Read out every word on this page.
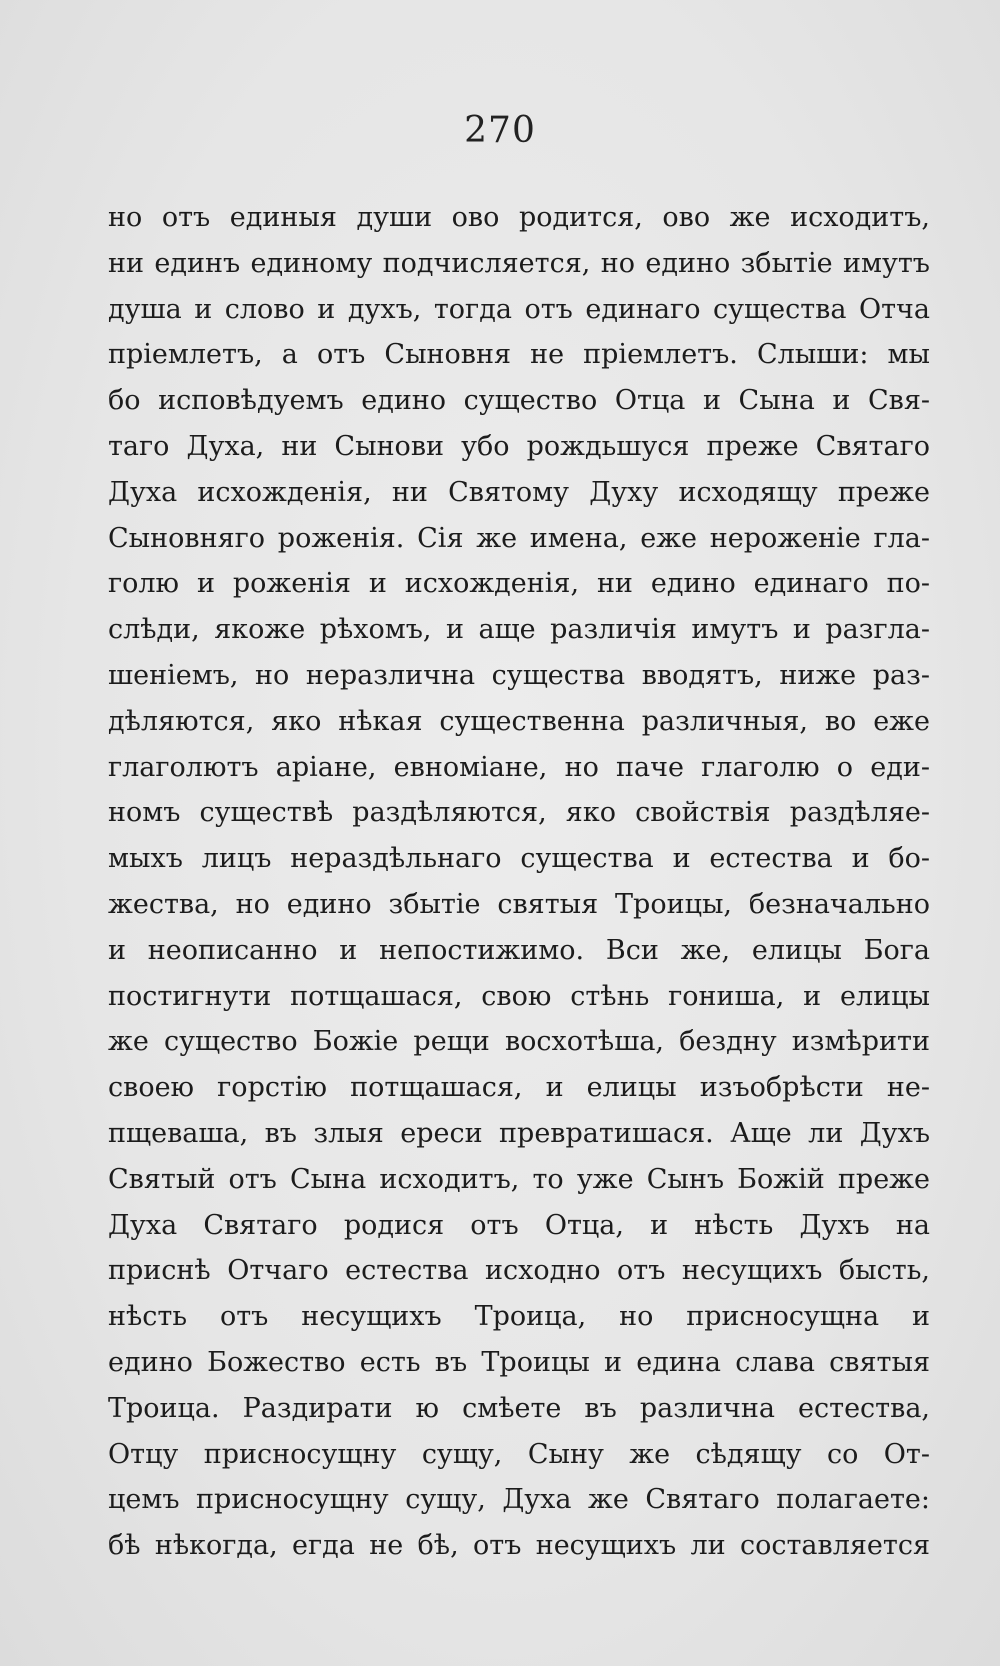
270
но отъ единыя души ово родится, ово же исходитъ,
ни единъ единому подчисляется, но едино збытіе имутъ
душа и слово и духъ, тогда отъ единаго существа Отча
пріемлетъ, а отъ Сыновня не пріемлетъ. Слыши: мы
бо исповѣдуемъ едино существо Отца и Сына и Свя-
таго Духа, ни Сынови убо рождьшуся преже Святаго
Духа исхожденія, ни Святому Духу исходящу преже
Сыновняго роженія. Сія же имена, еже нероженіе гла-
голю и роженія и исхожденія, ни едино единаго по-
слѣди, якоже рѣхомъ, и аще различія имутъ и разгла-
шеніемъ, но неразлична существа вводятъ, ниже раз-
дѣляются, яко нѣкая существенна различныя, во еже
глаголютъ аріане, евноміане, но паче глаголю о еди-
номъ существѣ раздѣляются, яко свойствія раздѣляе-
мыхъ лицъ нераздѣльнаго существа и естества и бо-
жества, но едино збытіе святыя Троицы, безначально
и неописанно и непостижимо. Вси же, елицы Бога
постигнути потщашася, свою стѣнь гониша, и елицы
же существо Божіе рещи восхотѣша, бездну измѣрити
своею горстію потщашася, и елицы изъобрѣсти не-
пщеваша, въ злыя ереси превратишася. Аще ли Духъ
Святый отъ Сына исходитъ, то уже Сынъ Божій преже
Духа Святаго родися отъ Отца, и нѣсть Духъ на
приснѣ Отчаго естества исходно отъ несущихъ бысть,
нѣсть отъ несущихъ Троица, но присносущна и
едино Божество есть въ Троицы и едина слава святыя
Троица. Раздирати ю смѣете въ различна естества,
Отцу присносущну сущу, Сыну же сѣдящу со От-
цемъ присносущну сущу, Духа же Святаго полагаете:
бѣ нѣкогда, егда не бѣ, отъ несущихъ ли составляется
